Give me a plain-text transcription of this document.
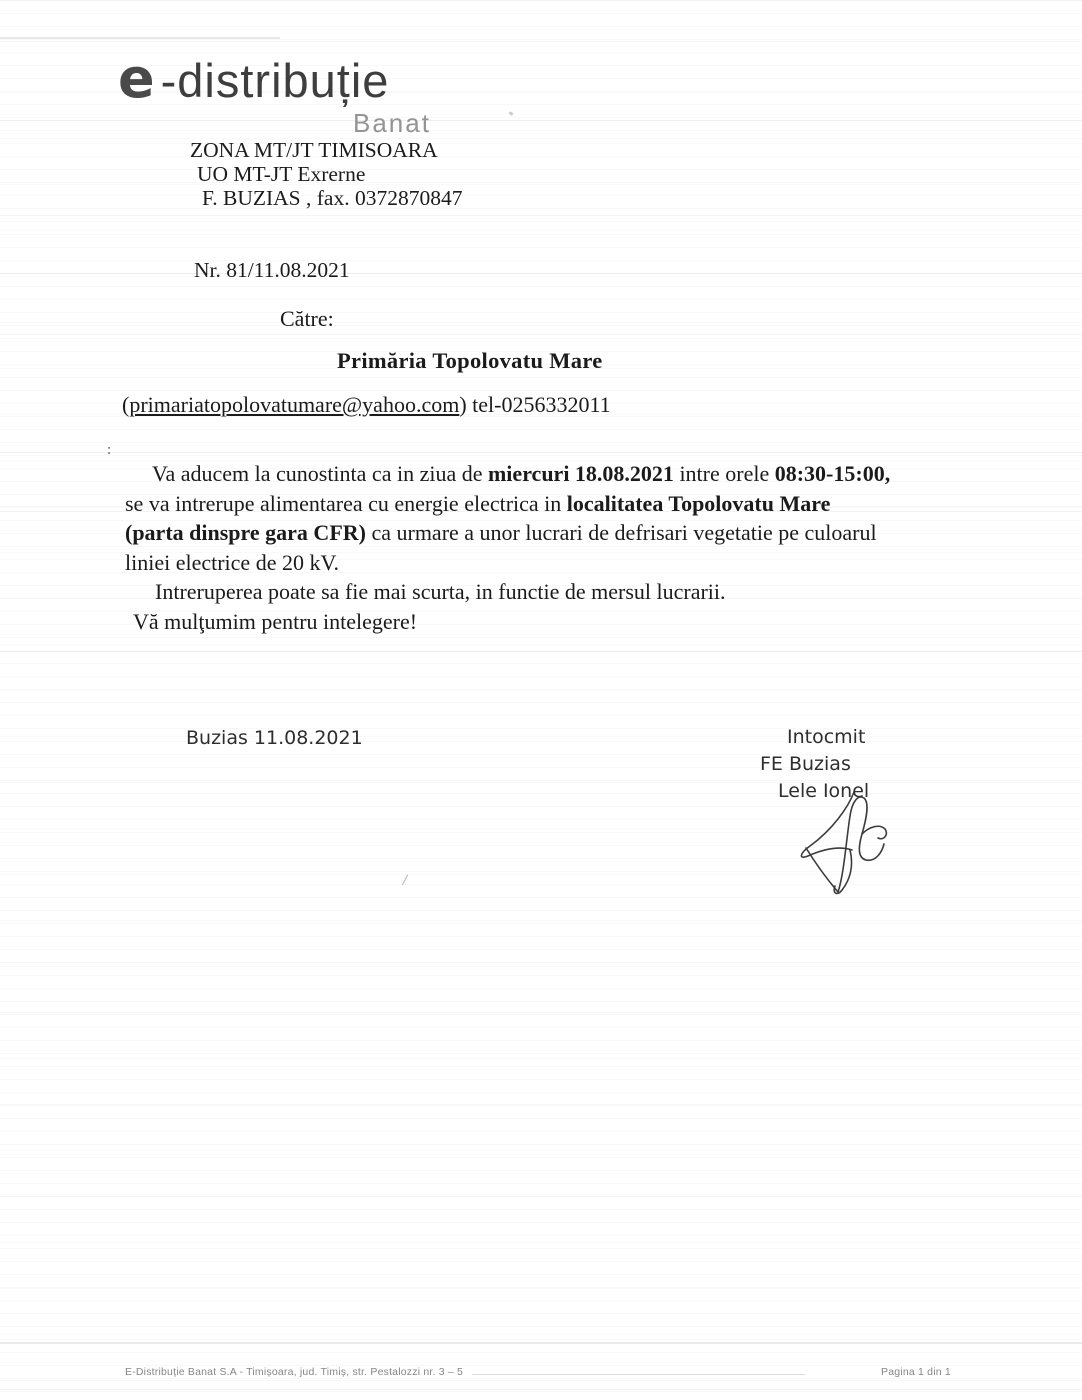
e -distribuție
Banat
ZONA MT/JT TIMISOARA
UO MT-JT Exrerne
F. BUZIAS , fax. 0372870847
Nr. 81/11.08.2021
Către:
Primăria Topolovatu Mare
(primariatopolovatumare@yahoo.com) tel-0256332011
:
Va aducem la cunostinta ca in ziua de miercuri 18.08.2021 intre orele 08:30-15:00,
se va intrerupe alimentarea cu energie electrica in localitatea Topolovatu Mare
(parta dinspre gara CFR) ca urmare a unor lucrari de defrisari vegetatie pe culoarul
liniei electrice de 20 kV.
Intreruperea poate sa fie mai scurta, in functie de mersul lucrarii.
Vă mulţumim pentru intelegere!
Buzias 11.08.2021	Intocmit
FE Buzias
Lele Ionel
E-Distribuție Banat S.A - Timișoara, jud. Timiș, str. Pestalozzi nr. 3 – 5	Pagina 1 din 1
